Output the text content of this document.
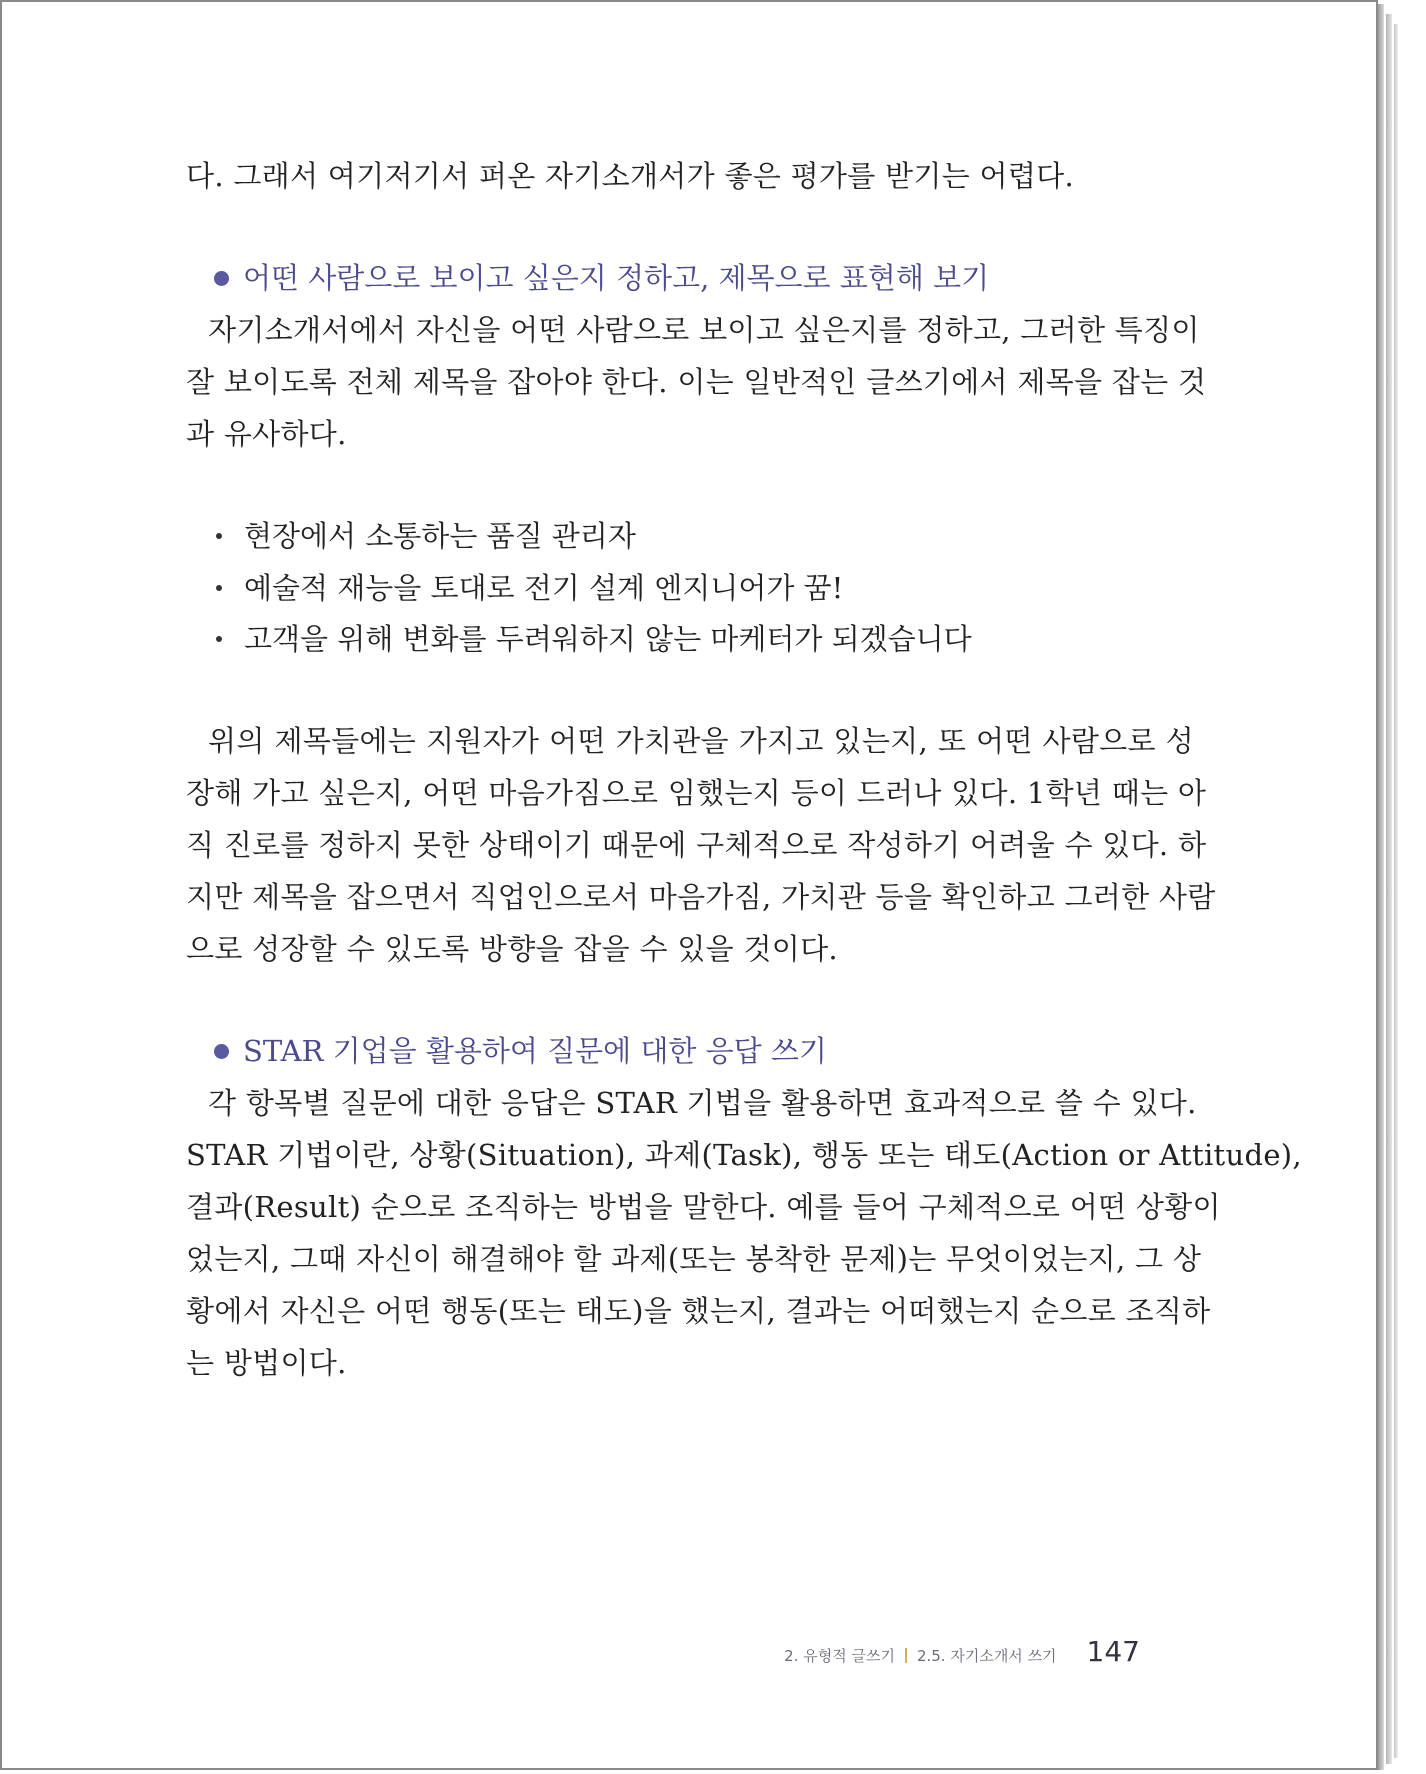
다. 그래서 여기저기서 퍼온 자기소개서가 좋은 평가를 받기는 어렵다.
어떤 사람으로 보이고 싶은지 정하고, 제목으로 표현해 보기
자기소개서에서 자신을 어떤 사람으로 보이고 싶은지를 정하고, 그러한 특징이
잘 보이도록 전체 제목을 잡아야 한다. 이는 일반적인 글쓰기에서 제목을 잡는 것
과 유사하다.
현장에서 소통하는 품질 관리자
예술적 재능을 토대로 전기 설계 엔지니어가 꿈!
고객을 위해 변화를 두려워하지 않는 마케터가 되겠습니다
위의 제목들에는 지원자가 어떤 가치관을 가지고 있는지, 또 어떤 사람으로 성
장해 가고 싶은지, 어떤 마음가짐으로 임했는지 등이 드러나 있다. 1학년 때는 아
직 진로를 정하지 못한 상태이기 때문에 구체적으로 작성하기 어려울 수 있다. 하
지만 제목을 잡으면서 직업인으로서 마음가짐, 가치관 등을 확인하고 그러한 사람
으로 성장할 수 있도록 방향을 잡을 수 있을 것이다.
STAR 기업을 활용하여 질문에 대한 응답 쓰기
각 항목별 질문에 대한 응답은 STAR 기법을 활용하면 효과적으로 쓸 수 있다.
STAR 기법이란, 상황(Situation), 과제(Task), 행동 또는 태도(Action or Attitude),
결과(Result) 순으로 조직하는 방법을 말한다. 예를 들어 구체적으로 어떤 상황이
었는지, 그때 자신이 해결해야 할 과제(또는 봉착한 문제)는 무엇이었는지, 그 상
황에서 자신은 어떤 행동(또는 태도)을 했는지, 결과는 어떠했는지 순으로 조직하
는 방법이다.
2. 유형적 글쓰기 2.5. 자기소개서 쓰기 147
